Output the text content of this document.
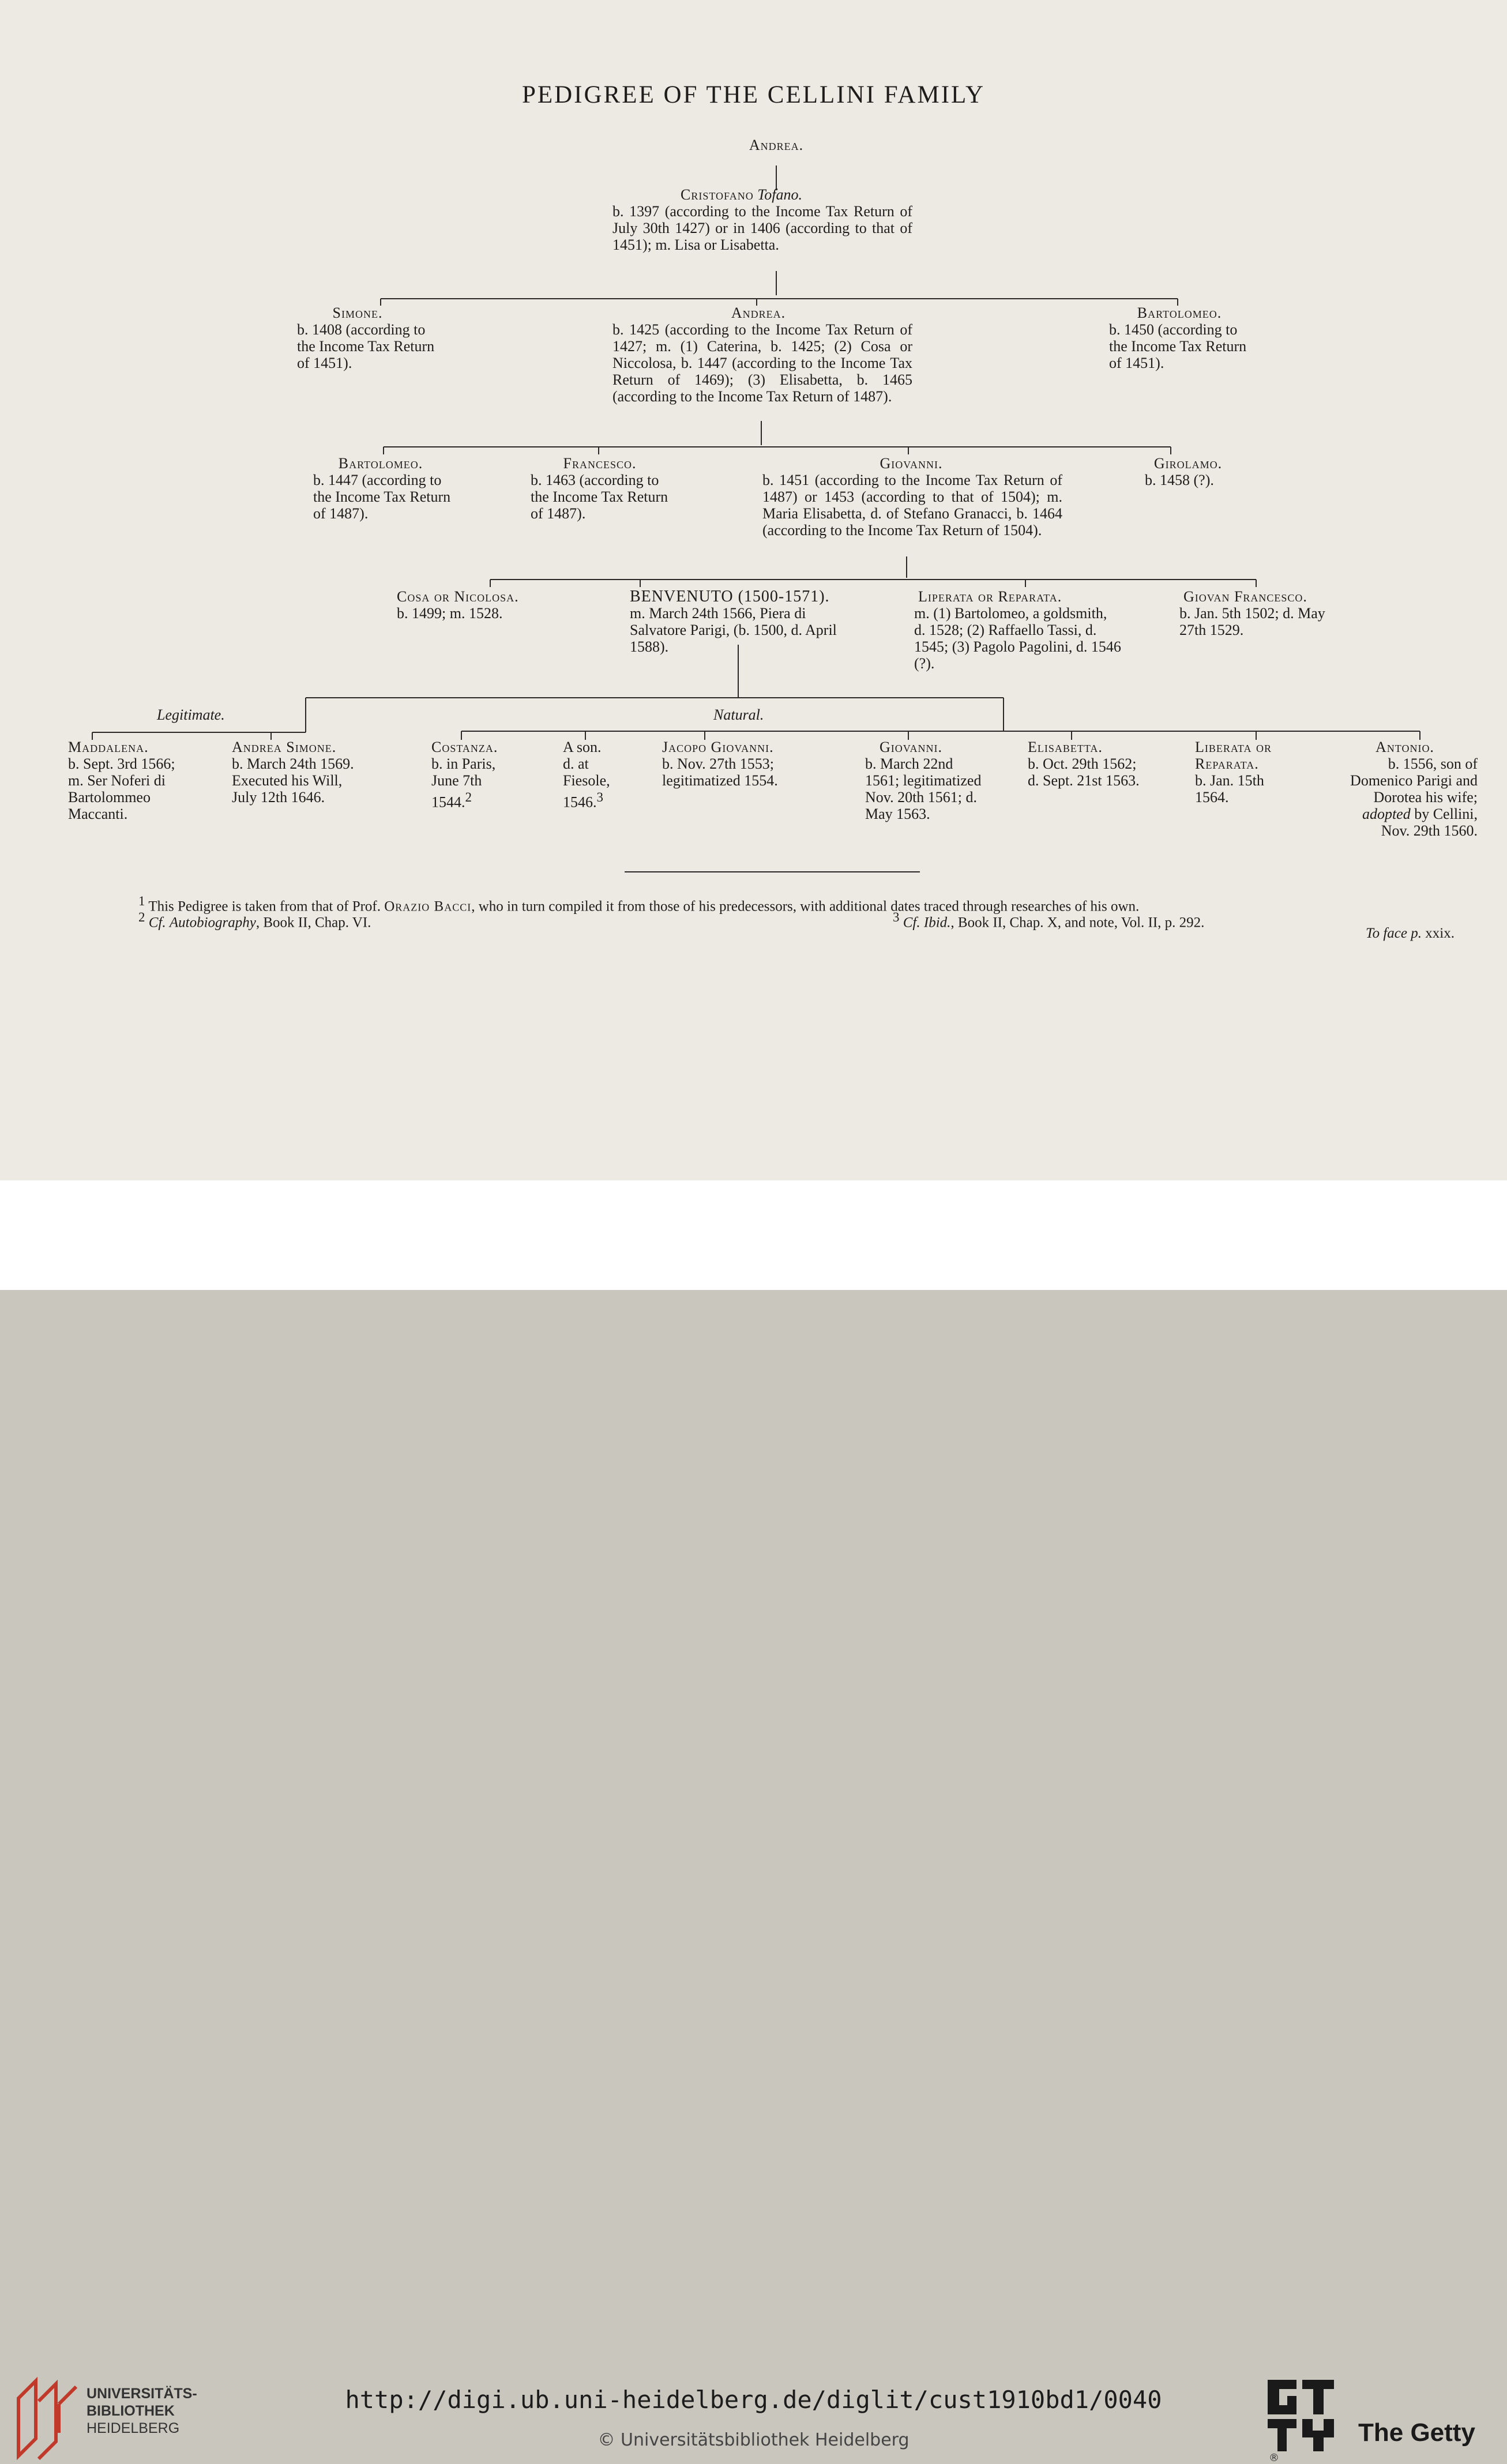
PEDIGREE OF THE CELLINI FAMILY
Andrea.
Cristofano Tofano.
b. 1397 (according to the Income Tax Return of July 30th 1427) or in 1406 (according to that of 1451); m. Lisa or Lisabetta.
Simone.
b. 1408 (according to the Income Tax Return of 1451).
Andrea.
b. 1425 (according to the Income Tax Return of 1427; m. (1) Caterina, b. 1425; (2) Cosa or Niccolosa, b. 1447 (according to the Income Tax Return of 1469); (3) Elisabetta, b. 1465 (according to the Income Tax Return of 1487).
Bartolomeo.
b. 1450 (according to the Income Tax Return of 1451).
Bartolomeo.
b. 1447 (according to the Income Tax Return of 1487).
Francesco.
b. 1463 (according to the Income Tax Return of 1487).
Giovanni.
b. 1451 (according to the Income Tax Return of 1487) or 1453 (according to that of 1504); m. Maria Elisabetta, d. of Stefano Granacci, b. 1464 (according to the Income Tax Return of 1504).
Girolamo.
b. 1458 (?).
Cosa or Nicolosa.
b. 1499; m. 1528.
BENVENUTO (1500-1571).
m. March 24th 1566, Piera di Salvatore Parigi, (b. 1500, d. April 1588).
Liperata or Reparata.
m. (1) Bartolomeo, a goldsmith, d. 1528; (2) Raffaello Tassi, d. 1545; (3) Pagolo Pagolini, d. 1546 (?).
Giovan Francesco.
b. Jan. 5th 1502; d. May 27th 1529.
Legitimate.	Natural.
Maddalena.
b. Sept. 3rd 1566; m. Ser Noferi di Bartolommeo Maccanti.
Andrea Simone.
b. March 24th 1569. Executed his Will, July 12th 1646.
Costanza.
b. in Paris, June 7th 1544.$^2$
A son.
d. at Fiesole, 1546.$^3$
Jacopo Giovanni.
b. Nov. 27th 1553; legitimatized 1554.
Giovanni.
b. March 22nd 1561; legitimatized Nov. 20th 1561; d. May 1563.
Elisabetta.
b. Oct. 29th 1562; d. Sept. 21st 1563.
Liberata or Reparata.
b. Jan. 15th 1564.
Antonio.
b. 1556, son of Domenico Parigi and Dorotea his wife; adopted by Cellini, Nov. 29th 1560.
$^1$ This Pedigree is taken from that of Prof. Orazio Bacci, who in turn compiled it from those of his predecessors, with additional dates traced through researches of his own.
$^2$ Cf. Autobiography, Book II, Chap. VI.	$^3$ Cf. Ibid., Book II, Chap. X, and note, Vol. II, p. 292.
To face p. xxix.
UNIVERSITÄTS-
BIBLIOTHEK
HEIDELBERG
http://digi.ub.uni-heidelberg.de/diglit/cust1910bd1/0040
© Universitätsbibliothek Heidelberg	The Getty
®
